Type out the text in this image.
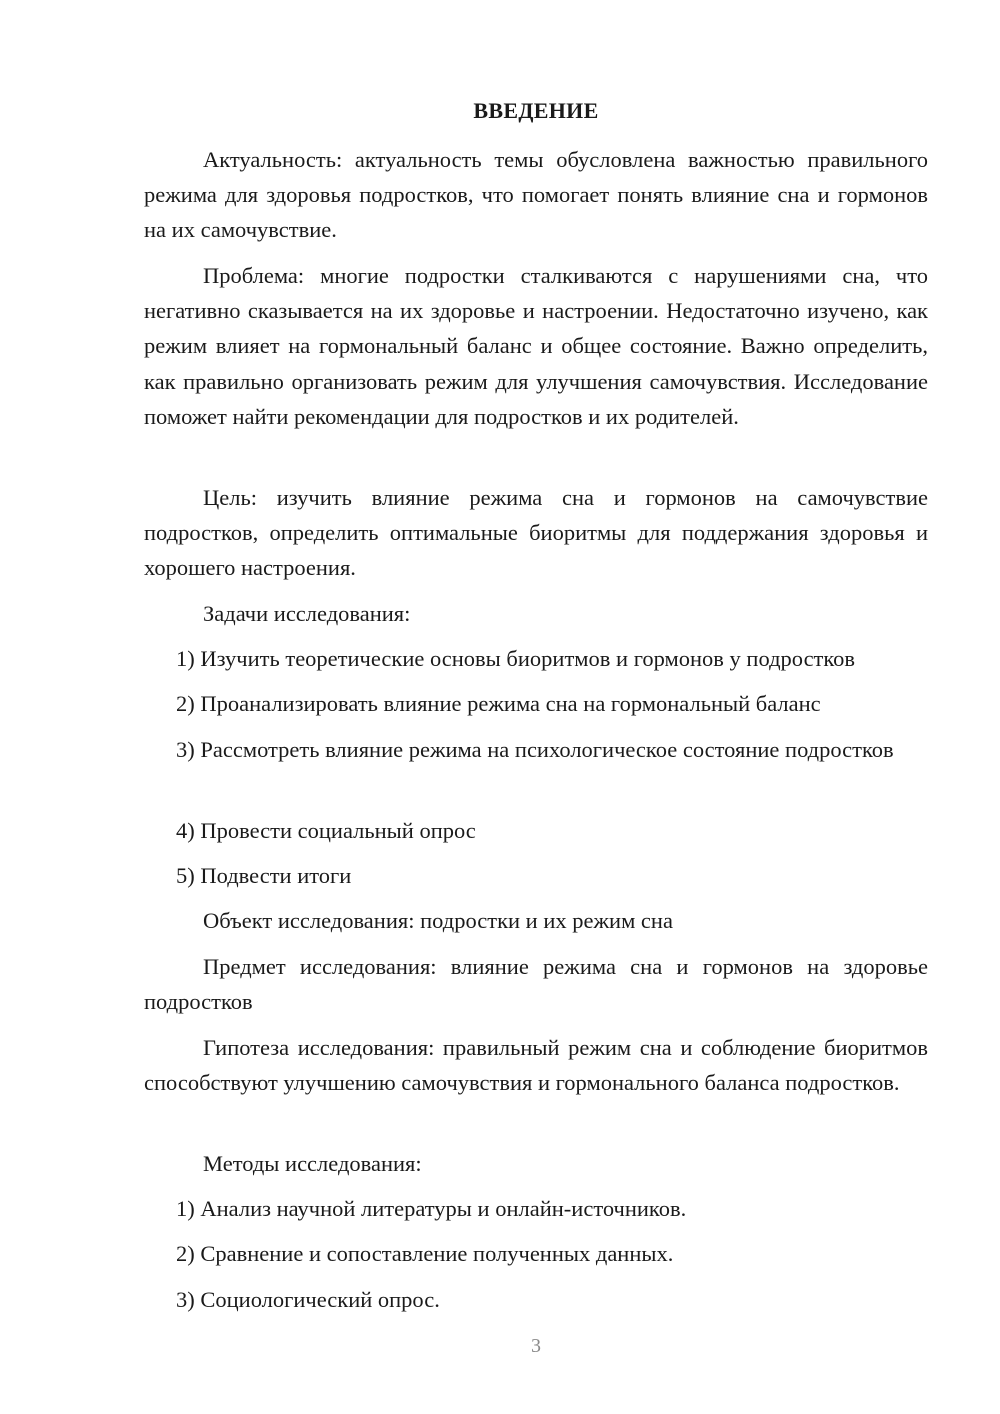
ВВЕДЕНИЕ

Актуальность: актуальность темы обусловлена важностью правильного режима для здоровья подростков, что помогает понять влияние сна и гормонов на их самочувствие.

Проблема: многие подростки сталкиваются с нарушениями сна, что негативно сказывается на их здоровье и настроении. Недостаточно изучено, как режим влияет на гормональный баланс и общее состояние. Важно определить, как правильно организовать режим для улучшения самочувствия. Исследование поможет найти рекомендации для подростков и их родителей.

Цель: изучить влияние режима сна и гормонов на самочувствие подростков, определить оптимальные биоритмы для поддержания здоровья и хорошего настроения.

Задачи исследования:

1) Изучить теоретические основы биоритмов и гормонов у подростков

2) Проанализировать влияние режима сна на гормональный баланс

3) Рассмотреть влияние режима на психологическое состояние подростков

4) Провести социальный опрос

5) Подвести итоги

Объект исследования: подростки и их режим сна

Предмет исследования: влияние режима сна и гормонов на здоровье подростков

Гипотеза исследования: правильный режим сна и соблюдение биоритмов способствуют улучшению самочувствия и гормонального баланса подростков.

Методы исследования:

1) Анализ научной литературы и онлайн-источников.

2) Сравнение и сопоставление полученных данных.

3) Социологический опрос.

3
